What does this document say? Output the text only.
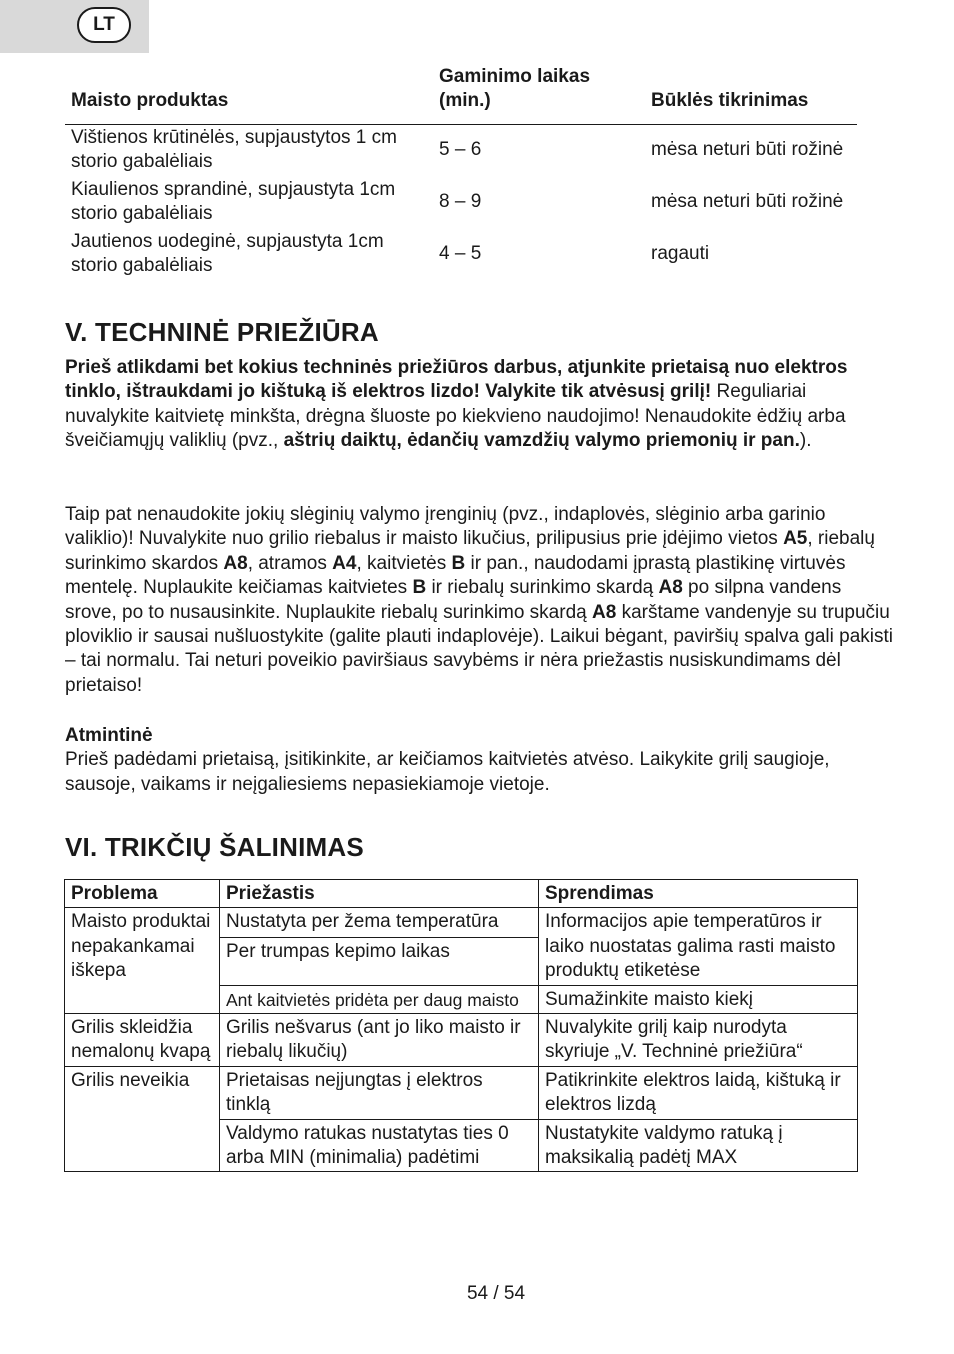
LT
Maisto produktas	Gaminimo laikas (min.)	Būklės tikrinimas
Vištienos krūtinėlės, supjaustytos 1 cm storio gabalėliais	5 – 6	mėsa neturi būti rožinė
Kiaulienos sprandinė, supjaustyta 1cm storio gabalėliais	8 – 9	mėsa neturi būti rožinė
Jautienos uodeginė, supjaustyta 1cm storio gabalėliais	4 – 5	ragauti
V. TECHNINĖ PRIEŽIŪRA

Prieš atlikdami bet kokius techninės priežiūros darbus, atjunkite prietaisą nuo elektros tinklo, ištraukdami jo kištuką iš elektros lizdo! Valykite tik atvėsusį grilį! Reguliariai nuvalykite kaitvietę minkšta, drėgna šluoste po kiekvieno naudojimo! Nenaudokite ėdžių arba šveičiamųjų valiklių (pvz., aštrių daiktų, ėdančių vamzdžių valymo priemonių ir pan.).

Taip pat nenaudokite jokių slėginių valymo įrenginių (pvz., indaplovės, slėginio arba garinio valiklio)! Nuvalykite nuo grilio riebalus ir maisto likučius, prilipusius prie įdėjimo vietos A5, riebalų surinkimo skardos A8, atramos A4, kaitvietės B ir pan., naudodami įprastą plastikinę virtuvės mentelę. Nuplaukite keičiamas kaitvietes B ir riebalų surinkimo skardą A8 po silpna vandens srove, po to nusausinkite. Nuplaukite riebalų surinkimo skardą A8 karštame vandenyje su trupučiu ploviklio ir sausai nušluostykite (galite plauti indaplovėje). Laikui bėgant, paviršių spalva gali pakisti – tai normalu. Tai neturi poveikio paviršiaus savybėms ir nėra priežastis nusiskundimams dėl prietaiso!

Atmintinė
Prieš padėdami prietaisą, įsitikinkite, ar keičiamos kaitvietės atvėso. Laikykite grilį saugioje, sausoje, vaikams ir neįgaliesiems nepasiekiamoje vietoje.

VI. TRIKČIŲ ŠALINIMAS
Problema	Priežastis	Sprendimas
Maisto produktai nepakankamai iškepa	Nustatyta per žema temperatūra	Informacijos apie temperatūros ir laiko nuostatas galima rasti maisto produktų etiketėse
	Per trumpas kepimo laikas	
	Ant kaitvietės pridėta per daug maisto	Sumažinkite maisto kiekį
Grilis skleidžia nemalonų kvapą	Grilis nešvarus (ant jo liko maisto ir riebalų likučių)	Nuvalykite grilį kaip nurodyta skyriuje „V. Techninė priežiūra“
Grilis neveikia	Prietaisas neįjungtas į elektros tinklą	Patikrinkite elektros laidą, kištuką ir elektros lizdą
	Valdymo ratukas nustatytas ties 0 arba MIN (minimalia) padėtimi	Nustatykite valdymo ratuką į maksikalią padėtį MAX
54 / 54
